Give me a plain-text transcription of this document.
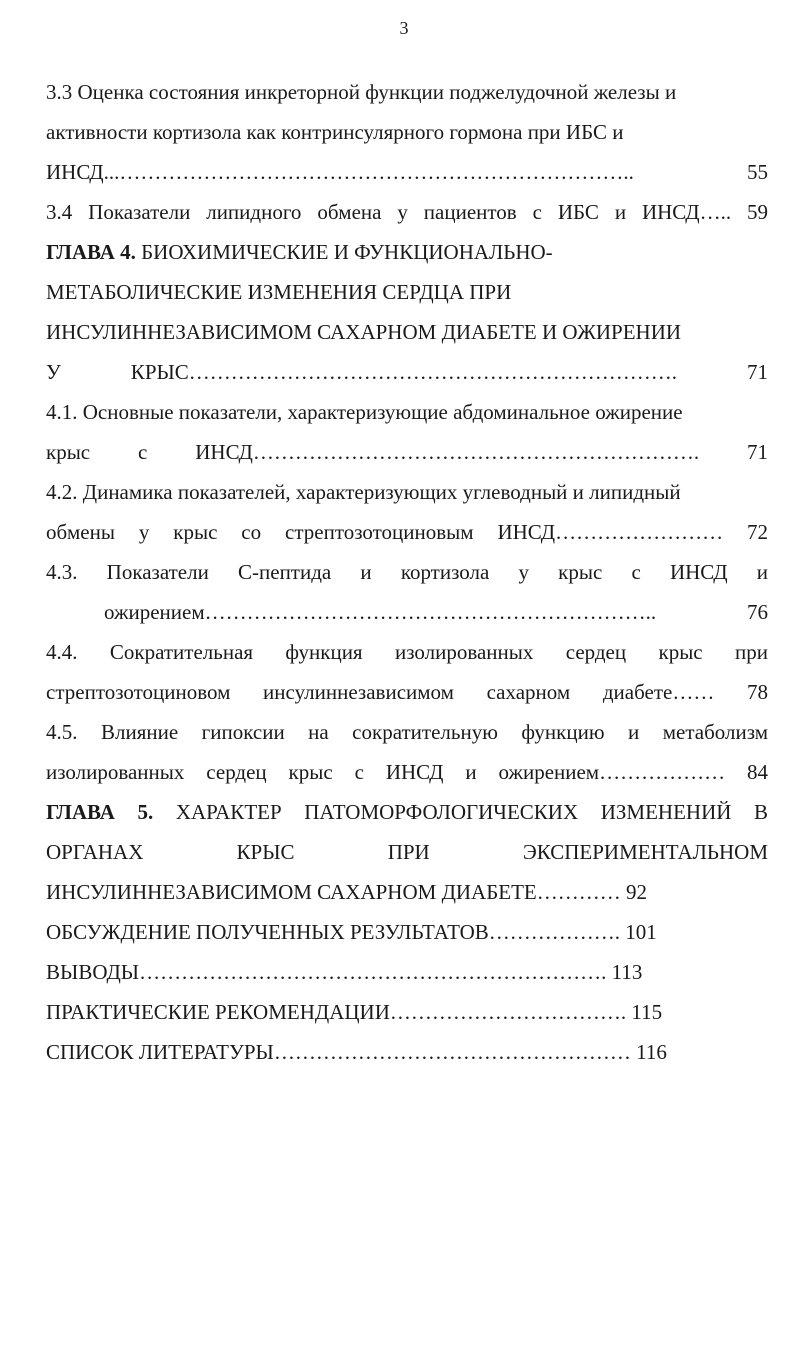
3
3.3 Оценка состояния инкреторной функции поджелудочной железы и
активности кортизола как контринсулярного гормона при ИБС и
ИНСД...………………………………………………………………..	55
3.4 Показатели липидного обмена у пациентов с ИБС и ИНСД….. 59
ГЛАВА 4. БИОХИМИЧЕСКИЕ И ФУНКЦИОНАЛЬНО-
МЕТАБОЛИЧЕСКИЕ ИЗМЕНЕНИЯ СЕРДЦА ПРИ
ИНСУЛИННЕЗАВИСИМОМ САХАРНОМ ДИАБЕТЕ И ОЖИРЕНИИ
У КРЫС…………………………………………………………….	71
4.1. Основные показатели, характеризующие абдоминальное ожирение
крыс с ИНСД………………………………………………………. 71
4.2. Динамика показателей, характеризующих углеводный и липидный
обмены у крыс со стрептозотоциновым ИНСД…………………… 72
4.3. Показатели С-пептида и кортизола у крыс с ИНСД и
ожирением………………………………………………………..	76
4.4. Сократительная функция изолированных сердец крыс при
стрептозотоциновом инсулиннезависимом сахарном диабете…… 78
4.5. Влияние гипоксии на сократительную функцию и метаболизм
изолированных сердец крыс с ИНСД и ожирением……………… 84
ГЛАВА 5. ХАРАКТЕР ПАТОМОРФОЛОГИЧЕСКИХ ИЗМЕНЕНИЙ В
ОРГАНАХ КРЫС ПРИ ЭКСПЕРИМЕНТАЛЬНОМ
ИНСУЛИННЕЗАВИСИМОМ САХАРНОМ ДИАБЕТЕ………… 92
ОБСУЖДЕНИЕ ПОЛУЧЕННЫХ РЕЗУЛЬТАТОВ………………. 101
ВЫВОДЫ…………………………………………………………. 113
ПРАКТИЧЕСКИЕ РЕКОМЕНДАЦИИ……………………………. 115
СПИСОК ЛИТЕРАТУРЫ…………………………………………… 116
